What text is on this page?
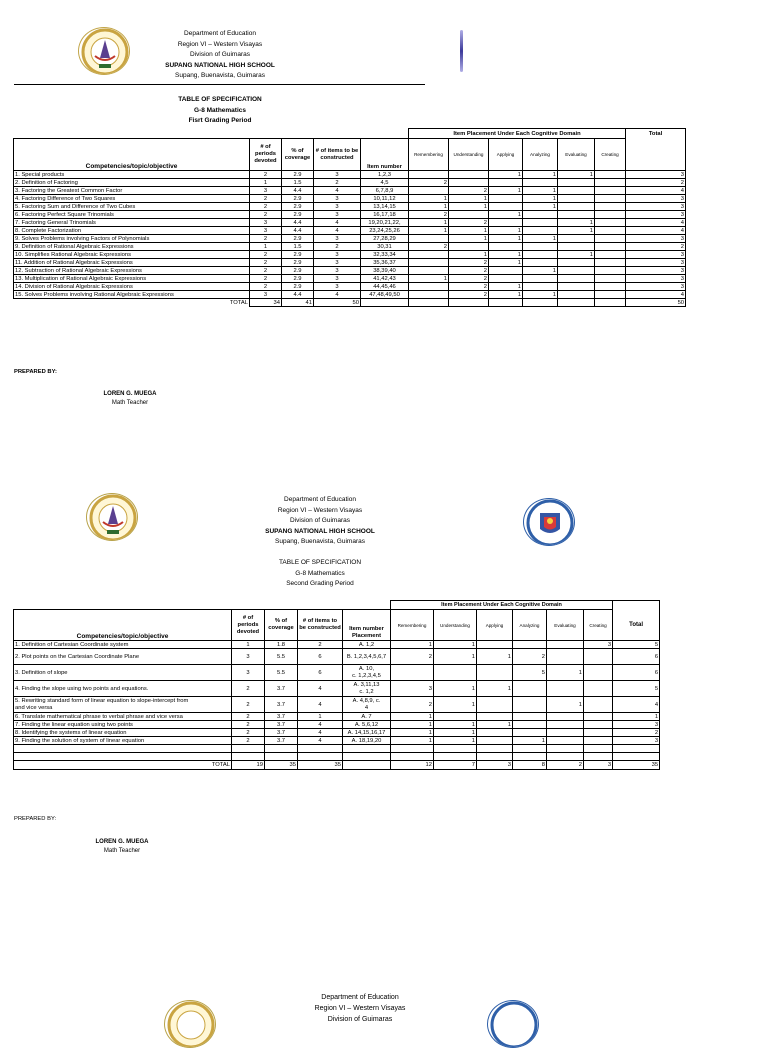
Department of Education
Region VI – Western Visayas
Division of Guimaras
SUPANG NATIONAL HIGH SCHOOL
Supang, Buenavista, Guimaras
TABLE OF SPECIFICATION
G-8 Mathematics
Fisrt Grading Period
					Item Placement Under Each Cognitive Domain						Total
Competencies/topic/objective	# of periods devoted	% of coverage	# of items to be constructed	Item number	Remembering	Understanding	Applying	Analyzing	Evaluating	Creating	
1. Special products	2	2.9	3	1,2,3			1	1	1		3
2. Definition of Factoring	1	1.5	2	4,5	2						2
3. Factoring the Greatest Common Factor	3	4.4	4	6,7,8,9		2	1	1			4
4. Factoring Difference of Two Squares	2	2.9	3	10,11,12	1	1		1			3
5. Factoring Sum and Difference of Two Cubes	2	2.9	3	13,14,15	1	1		1			3
6. Factoring Perfect Square Trinomials	2	2.9	3	16,17,18	2		1				3
7. Factoring General Trinomials	3	4.4	4	19,20,21,22,	1	2			1		4
8. Complete Factorization	3	4.4	4	23,24,25,26	1	1	1		1		4
9. Solves Problems involving Factors of Polynomials	2	2.9	3	27,28,29		1	1	1			3
9. Definition of Rational Algebraic Expressions	1	1.5	2	30,31	2						2
10. Simplifies Rational Algebraic Expressions	2	2.9	3	32,33,34		1	1		1		3
11. Addition of Rational Algebraic Expressions	2	2.9	3	35,36,37		2	1				3
12. Subtraction of Rational Algebraic Expressions	2	2.9	3	38,39,40		2		1			3
13. Multiplication of Rational Algebraic Expressions	2	2.9	3	41,42,43	1	2					3
14. Division of Rational Algebraic Expressions	2	2.9	3	44,45,46		2	1				3
15. Solves Problems involving Rational Algebraic Expressions	3	4.4	4	47,48,49,50		2	1	1			4
TOTAL	34	41	50								50
PREPARED BY:
LOREN G. MUEGA
Math Teacher
Department of Education
Region VI – Western Visayas
Division of Guimaras
SUPANG NATIONAL HIGH SCHOOL
Supang, Buenavista, Guimaras
TABLE OF SPECIFICATION
G-8 Mathematics
Second Grading Period
					Item Placement Under Each Cognitive Domain						
Competencies/topic/objective	# of periods devoted	% of coverage	# of items to be constructed	Item number Placement	Remembering	Understanding	Applying	Analyzing	Evaluating	Creating	Total
1. Definition of Cartesian Coordinate system	1	1.8	2	A. 1,2	1	1				3	5
2. Plot points on the Cartesian Coordinate Plane	3	5.5	6	B. 1,2,3,4,5,6,7	2	1	1	2			6
3. Definition of slope	3	5.5	6	A. 10,
c. 1,2,3,4,5				5	1		6
4. Finding the slope using two points and equations.	2	3.7	4	A. 3,11,13
c. 1,2	3	1	1				5
5. Rewriting standard form of linear equation to slope-intercept from
and vice versa	2	3.7	4	A. 4,8,9, c.
4	2	1			1		4
6. Translate mathematical phrase to verbal phrase and vice versa	2	3.7	1	A. 7	1						1
7. Finding the linear equation using two points	2	3.7	4	A. 5,6,12	1	1	1				3
8. Identifying the systems of linear equation	2	3.7	4	A. 14,15,16,17	1	1					2
9. Finding the solution of system of linear equation	2	3.7	4	A. 18,19,20	1	1		1			3

TOTAL	19	35	35		12	7	3	8	2	3	35
PREPARED BY:
LOREN G. MUEGA
Math Teacher
Department of Education
Region VI – Western Visayas
Division of Guimaras
